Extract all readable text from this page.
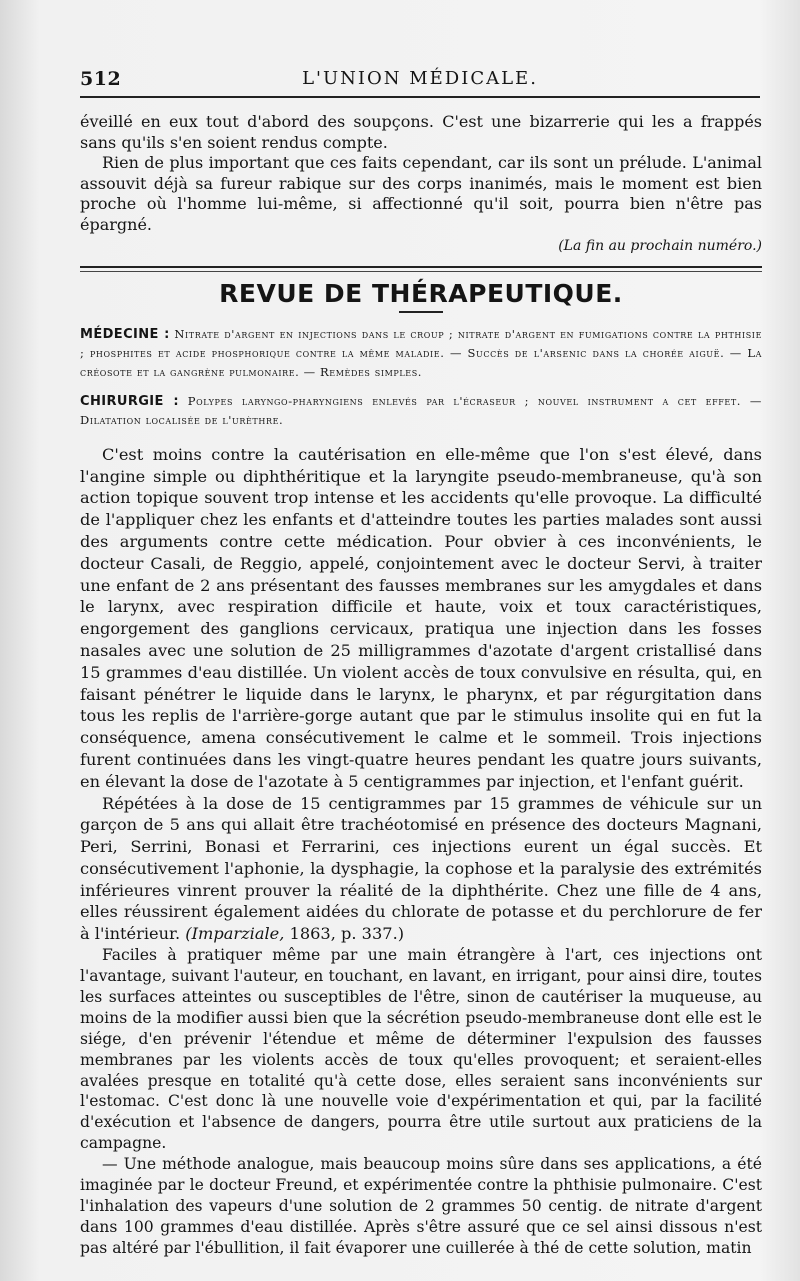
512	L'UNION MÉDICALE.

éveillé en eux tout d'abord des soupçons. C'est une bizarrerie qui les a frappés sans qu'ils s'en soient rendus compte.

Rien de plus important que ces faits cependant, car ils sont un prélude. L'animal assouvit déjà sa fureur rabique sur des corps inanimés, mais le moment est bien proche où l'homme lui-même, si affectionné qu'il soit, pourra bien n'être pas épargné.

(La fin au prochain numéro.)
REVUE DE THÉRAPEUTIQUE.
MÉDECINE : Nitrate d'argent en injections dans le croup ; nitrate d'argent en fumigations contre la phthisie ; phosphites et acide phosphorique contre la même maladie. — Succès de l'arsenic dans la chorée aiguë. — La créosote et la gangrène pulmonaire. — Remèdes simples.
CHIRURGIE : Polypes laryngo-pharyngiens enlevés par l'écraseur ; nouvel instrument a cet effet. — Dilatation localisée de l'urèthre.

C'est moins contre la cautérisation en elle-même que l'on s'est élevé, dans l'angine simple ou diphthéritique et la laryngite pseudo-membraneuse, qu'à son action topique souvent trop intense et les accidents qu'elle provoque. La difficulté de l'appliquer chez les enfants et d'atteindre toutes les parties malades sont aussi des arguments contre cette médication. Pour obvier à ces inconvénients, le docteur Casali, de Reggio, appelé, conjointement avec le docteur Servi, à traiter une enfant de 2 ans présentant des fausses membranes sur les amygdales et dans le larynx, avec respiration difficile et haute, voix et toux caractéristiques, engorgement des ganglions cervicaux, pratiqua une injection dans les fosses nasales avec une solution de 25 milligrammes d'azotate d'argent cristallisé dans 15 grammes d'eau distillée. Un violent accès de toux convulsive en résulta, qui, en faisant pénétrer le liquide dans le larynx, le pharynx, et par régurgitation dans tous les replis de l'arrière-gorge autant que par le stimulus insolite qui en fut la conséquence, amena consécutivement le calme et le sommeil. Trois injections furent continuées dans les vingt-quatre heures pendant les quatre jours suivants, en élevant la dose de l'azotate à 5 centigrammes par injection, et l'enfant guérit.

Répétées à la dose de 15 centigrammes par 15 grammes de véhicule sur un garçon de 5 ans qui allait être trachéotomisé en présence des docteurs Magnani, Peri, Serrini, Bonasi et Ferrarini, ces injections eurent un égal succès. Et consécutivement l'aphonie, la dysphagie, la cophose et la paralysie des extrémités inférieures vinrent prouver la réalité de la diphthérite. Chez une fille de 4 ans, elles réussirent également aidées du chlorate de potasse et du perchlorure de fer à l'intérieur. (Imparziale, 1863, p. 337.)

Faciles à pratiquer même par une main étrangère à l'art, ces injections ont l'avantage, suivant l'auteur, en touchant, en lavant, en irrigant, pour ainsi dire, toutes les surfaces atteintes ou susceptibles de l'être, sinon de cautériser la muqueuse, au moins de la modifier aussi bien que la sécrétion pseudo-membraneuse dont elle est le siége, d'en prévenir l'étendue et même de déterminer l'expulsion des fausses membranes par les violents accès de toux qu'elles provoquent; et seraient-elles avalées presque en totalité qu'à cette dose, elles seraient sans inconvénients sur l'estomac. C'est donc là une nouvelle voie d'expérimentation et qui, par la facilité d'exécution et l'absence de dangers, pourra être utile surtout aux praticiens de la campagne.

— Une méthode analogue, mais beaucoup moins sûre dans ses applications, a été imaginée par le docteur Freund, et expérimentée contre la phthisie pulmonaire. C'est l'inhalation des vapeurs d'une solution de 2 grammes 50 centig. de nitrate d'argent dans 100 grammes d'eau distillée. Après s'être assuré que ce sel ainsi dissous n'est pas altéré par l'ébullition, il fait évaporer une cuillerée à thé de cette solution, matin
